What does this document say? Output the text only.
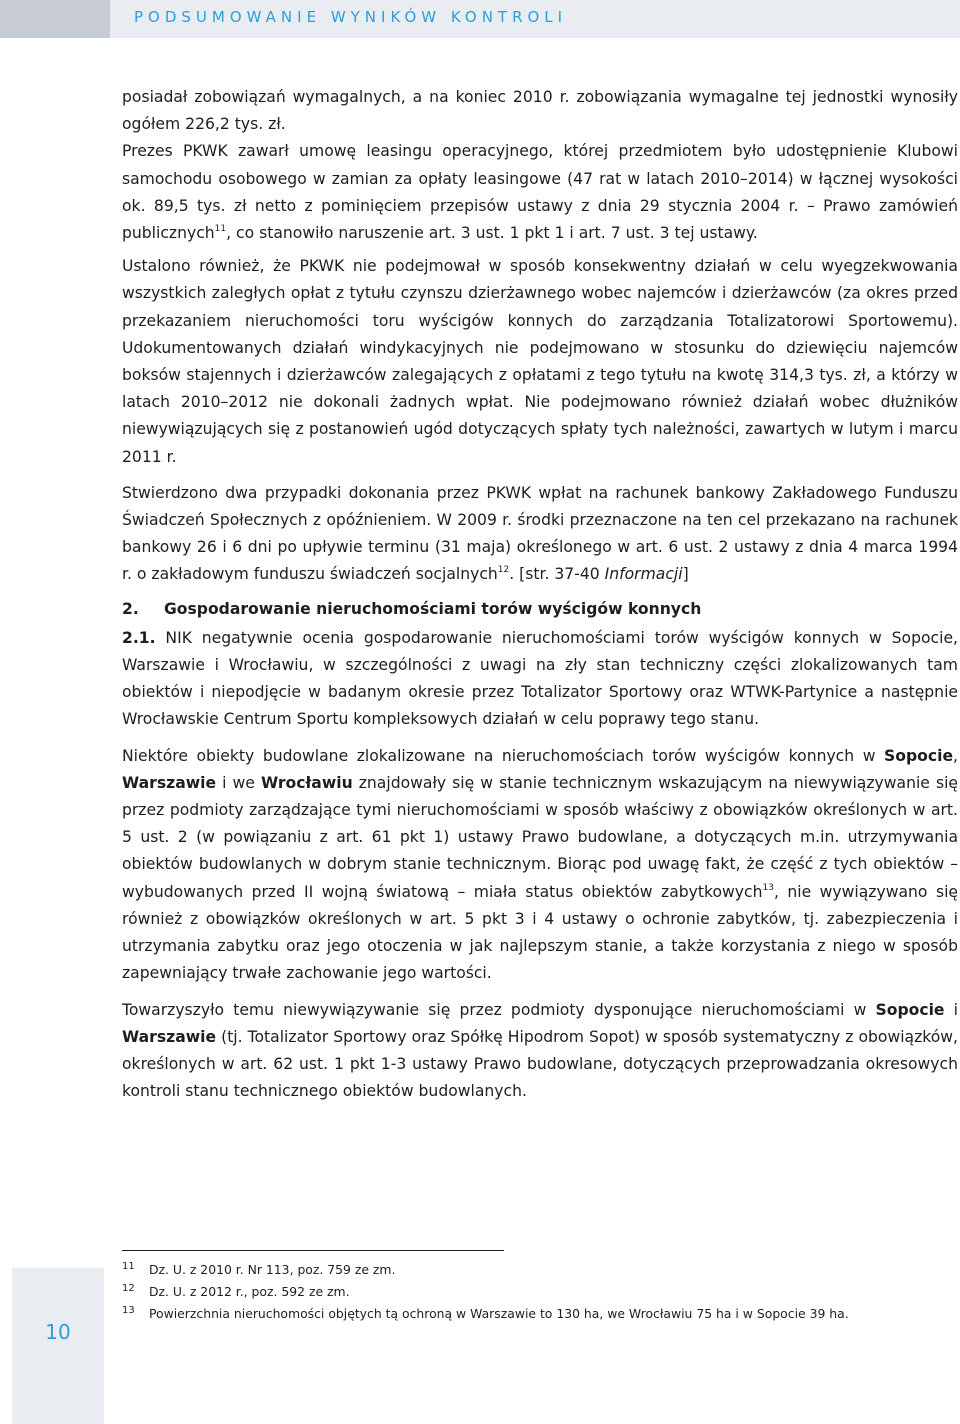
PODSUMOWANIE WYNIKÓW KONTROLI

posiadał zobowiązań wymagalnych, a na koniec 2010 r. zobowiązania wymagalne tej jednostki wynosiły ogółem 226,2 tys. zł.

Prezes PKWK zawarł umowę leasingu operacyjnego, której przedmiotem było udostępnienie Klubowi samochodu osobowego w zamian za opłaty leasingowe (47 rat w latach 2010–2014) w łącznej wysokości ok. 89,5 tys. zł netto z pominięciem przepisów ustawy z dnia 29 stycznia 2004 r. – Prawo zamówień publicznych$^{11}$, co stanowiło naruszenie art. 3 ust. 1 pkt 1 i art. 7 ust. 3 tej ustawy.

Ustalono również, że PKWK nie podejmował w sposób konsekwentny działań w celu wyegzekwowania wszystkich zaległych opłat z tytułu czynszu dzierżawnego wobec najemców i dzierżawców (za okres przed przekazaniem nieruchomości toru wyścigów konnych do zarządzania Totalizatorowi Sportowemu). Udokumentowanych działań windykacyjnych nie podejmowano w stosunku do dziewięciu najemców boksów stajennych i dzierżawców zalegających z opłatami z tego tytułu na kwotę 314,3 tys. zł, a którzy w latach 2010–2012 nie dokonali żadnych wpłat. Nie podejmowano również działań wobec dłużników niewywiązujących się z postanowień ugód dotyczących spłaty tych należności, zawartych w lutym i marcu 2011 r.

Stwierdzono dwa przypadki dokonania przez PKWK wpłat na rachunek bankowy Zakładowego Funduszu Świadczeń Społecznych z opóźnieniem. W 2009 r. środki przeznaczone na ten cel przekazano na rachunek bankowy 26 i 6 dni po upływie terminu (31 maja) określonego w art. 6 ust. 2 ustawy z dnia 4 marca 1994 r. o zakładowym funduszu świadczeń socjalnych$^{12}$. [str. 37-40 Informacji]

2. Gospodarowanie nieruchomościami torów wyścigów konnych

2.1. NIK negatywnie ocenia gospodarowanie nieruchomościami torów wyścigów konnych w Sopocie, Warszawie i Wrocławiu, w szczególności z uwagi na zły stan techniczny części zlokalizowanych tam obiektów i niepodjęcie w badanym okresie przez Totalizator Sportowy oraz WTWK-Partynice a następnie Wrocławskie Centrum Sportu kompleksowych działań w celu poprawy tego stanu.

Niektóre obiekty budowlane zlokalizowane na nieruchomościach torów wyścigów konnych w Sopocie, Warszawie i we Wrocławiu znajdowały się w stanie technicznym wskazującym na niewywiązywanie się przez podmioty zarządzające tymi nieruchomościami w sposób właściwy z obowiązków określonych w art. 5 ust. 2 (w powiązaniu z art. 61 pkt 1) ustawy Prawo budowlane, a dotyczących m.in. utrzymywania obiektów budowlanych w dobrym stanie technicznym. Biorąc pod uwagę fakt, że część z tych obiektów – wybudowanych przed II wojną światową – miała status obiektów zabytkowych$^{13}$, nie wywiązywano się również z obowiązków określonych w art. 5 pkt 3 i 4 ustawy o ochronie zabytków, tj. zabezpieczenia i utrzymania zabytku oraz jego otoczenia w jak najlepszym stanie, a także korzystania z niego w sposób zapewniający trwałe zachowanie jego wartości.

Towarzyszyło temu niewywiązywanie się przez podmioty dysponujące nieruchomościami w Sopocie i Warszawie (tj. Totalizator Sportowy oraz Spółkę Hipodrom Sopot) w sposób systematyczny z obowiązków, określonych w art. 62 ust. 1 pkt 1-3 ustawy Prawo budowlane, dotyczących przeprowadzania okresowych kontroli stanu technicznego obiektów budowlanych.

11 Dz. U. z 2010 r. Nr 113, poz. 759 ze zm.
12 Dz. U. z 2012 r., poz. 592 ze zm.
13 Powierzchnia nieruchomości objętych tą ochroną w Warszawie to 130 ha, we Wrocławiu 75 ha i w Sopocie 39 ha.
10
